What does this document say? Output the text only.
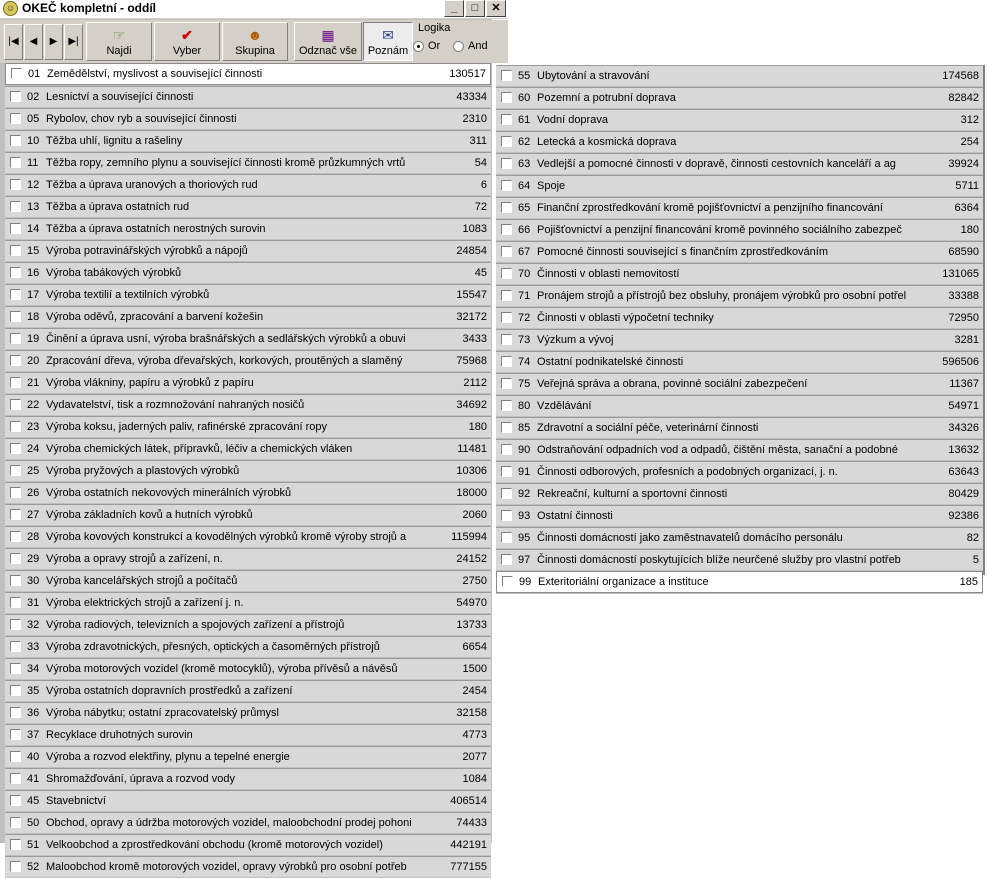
☺ OKEČ kompletní - oddíl	_	□	✕
|◀	◀	▶	▶|	☞
Najdi
✔
Vyber
☻
Skupina
▦
Odznač vše
✉
Poznám
Logika
Or	And
01 Zemědělství, myslivost a související činnosti	130517
02 Lesnictví a související činnosti	43334
05 Rybolov, chov ryb a související činnosti	2310
10 Těžba uhlí, lignitu a rašeliny	311
11 Těžba ropy, zemního plynu a související činnosti kromě průzkumných vrtů	54
12 Těžba a úprava uranových a thoriových rud	6
13 Těžba a úprava ostatních rud	72
14 Těžba a úprava ostatních nerostných surovin	1083
15 Výroba potravinářských výrobků a nápojů	24854
16 Výroba tabákových výrobků	45
17 Výroba textilií a textilních výrobků	15547
18 Výroba oděvů, zpracování a barvení kožešin	32172
19 Činění a úprava usní, výroba brašnářských a sedlářských výrobků a obuvi	3433
20 Zpracování dřeva, výroba dřevařských, korkových, proutěných a slaměný	75968
21 Výroba vlákniny, papíru a výrobků z papíru	2112
22 Vydavatelství, tisk a rozmnožování nahraných nosičů	34692
23 Výroba koksu, jaderných paliv, rafinérské zpracování ropy	180
24 Výroba chemických látek, přípravků, léčiv a chemických vláken	11481
25 Výroba pryžových a plastových výrobků	10306
26 Výroba ostatních nekovových minerálních výrobků	18000
27 Výroba základních kovů a hutních výrobků	2060
28 Výroba kovových konstrukcí a kovodělných výrobků kromě výroby strojů a	115994
29 Výroba a opravy strojů a zařízení, n.	24152
30 Výroba kancelářských strojů a počítačů	2750
31 Výroba elektrických strojů a zařízení j. n.	54970
32 Výroba radiových, televizních a spojových zařízení a přístrojů	13733
33 Výroba zdravotnických, přesných, optických a časoměrných přístrojů	6654
34 Výroba motorových vozidel (kromě motocyklů), výroba přívěsů a návěsů	1500
35 Výroba ostatních dopravních prostředků a zařízení	2454
36 Výroba nábytku; ostatní zpracovatelský průmysl	32158
37 Recyklace druhotných surovin	4773
40 Výroba a rozvod elektřiny, plynu a tepelné energie	2077
41 Shromažďování, úprava a rozvod vody	1084
45 Stavebnictví	406514
50 Obchod, opravy a údržba motorových vozidel, maloobchodní prodej pohoni	74433
51 Velkoobchod a zprostředkování obchodu (kromě motorových vozidel)	442191
52 Maloobchod kromě motorových vozidel, opravy výrobků pro osobní potřeb	777155
55 Ubytování a stravování	174568
60 Pozemní a potrubní doprava	82842
61 Vodní doprava	312
62 Letecká a kosmická doprava	254
63 Vedlejší a pomocné činnosti v dopravě, činnosti cestovních kanceláří a ag	39924
64 Spoje	5711
65 Finanční zprostředkování kromě pojišťovnictví a penzijního financování	6364
66 Pojišťovnictví a penzijní financování kromě povinného sociálního zabezpeč	180
67 Pomocné činnosti související s finančním zprostředkováním	68590
70 Činnosti v oblasti nemovitostí	131065
71 Pronájem strojů a přístrojů bez obsluhy, pronájem výrobků pro osobní potřel	33388
72 Činnosti v oblasti výpočetní techniky	72950
73 Výzkum a vývoj	3281
74 Ostatní podnikatelské činnosti	596506
75 Veřejná správa a obrana, povinné sociální zabezpečení	11367
80 Vzdělávání	54971
85 Zdravotní a sociální péče, veterinární činnosti	34326
90 Odstraňování odpadních vod a odpadů, čištění města, sanační a podobné	13632
91 Činnosti odborových, profesních a podobných organizací, j. n.	63643
92 Rekreační, kulturní a sportovní činnosti	80429
93 Ostatní činnosti	92386
95 Činnosti domácností jako zaměstnavatelů domácího personálu	82
97 Činnosti domácností poskytujících blíže neurčené služby pro vlastní potřeb	5
99 Exteritoriální organizace a instituce	185
